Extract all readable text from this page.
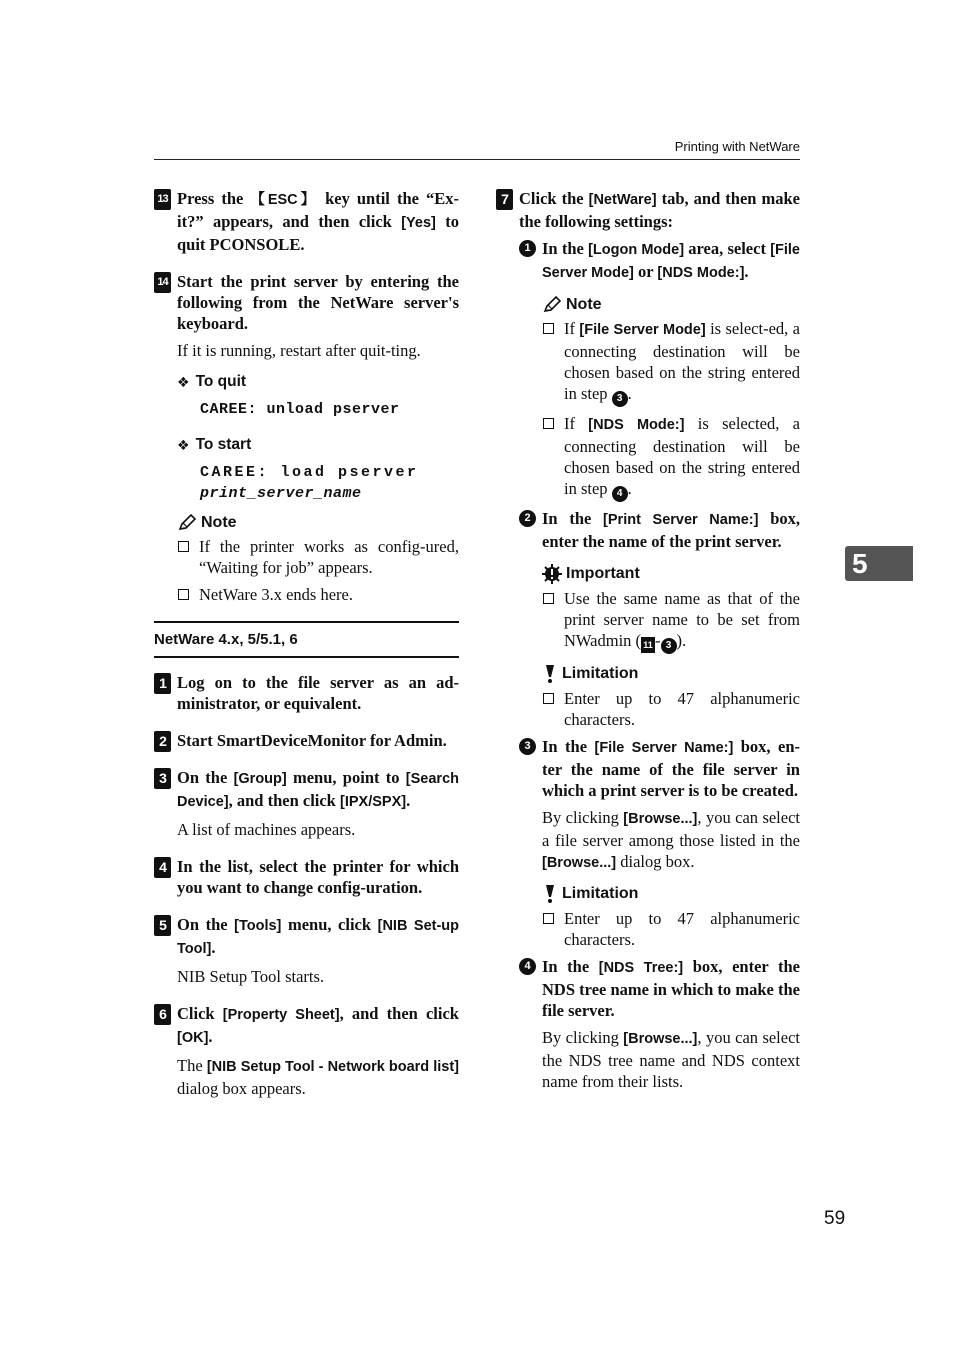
Printing with NetWare
13 Press the 【ESC】 key until the “Ex-it?” appears, and then click [Yes] to quit PCONSOLE.
14 Start the print server by entering the following from the NetWare server's keyboard.
If it is running, restart after quit-ting.
❖ To quit
CAREE: unload pserver
❖ To start
CAREE: load pserver
print_server_name
Note
If the printer works as config-ured, “Waiting for job” appears.
NetWare 3.x ends here.
NetWare 4.x, 5/5.1, 6
1 Log on to the file server as an ad-ministrator, or equivalent.
2 Start SmartDeviceMonitor for Admin.
3 On the [Group] menu, point to [Search Device], and then click [IPX/SPX].
A list of machines appears.
4 In the list, select the printer for which you want to change config-uration.
5 On the [Tools] menu, click [NIB Set-up Tool].
NIB Setup Tool starts.
6 Click [Property Sheet], and then click [OK].
The [NIB Setup Tool - Network board list] dialog box appears.
7 Click the [NetWare] tab, and then make the following settings:
1 In the [Logon Mode] area, select [File Server Mode] or [NDS Mode:].
Note
If [File Server Mode] is select-ed, a connecting destination will be chosen based on the string entered in step 3 .
If [NDS Mode:] is selected, a connecting destination will be chosen based on the string entered in step 4 .
2 In the [Print Server Name:] box, enter the name of the print server.
Important
Use the same name as that of the print server name to be set from NWadmin ( 11 - 3 ).
Limitation
Enter up to 47 alphanumeric characters.
3 In the [File Server Name:] box, en-ter the name of the file server in which a print server is to be created.
By clicking [Browse...], you can select a file server among those listed in the [Browse...] dialog box.
Limitation
Enter up to 47 alphanumeric characters.
4 In the [NDS Tree:] box, enter the NDS tree name in which to make the file server.
By clicking [Browse...], you can select the NDS tree name and NDS context name from their lists.
5
59
